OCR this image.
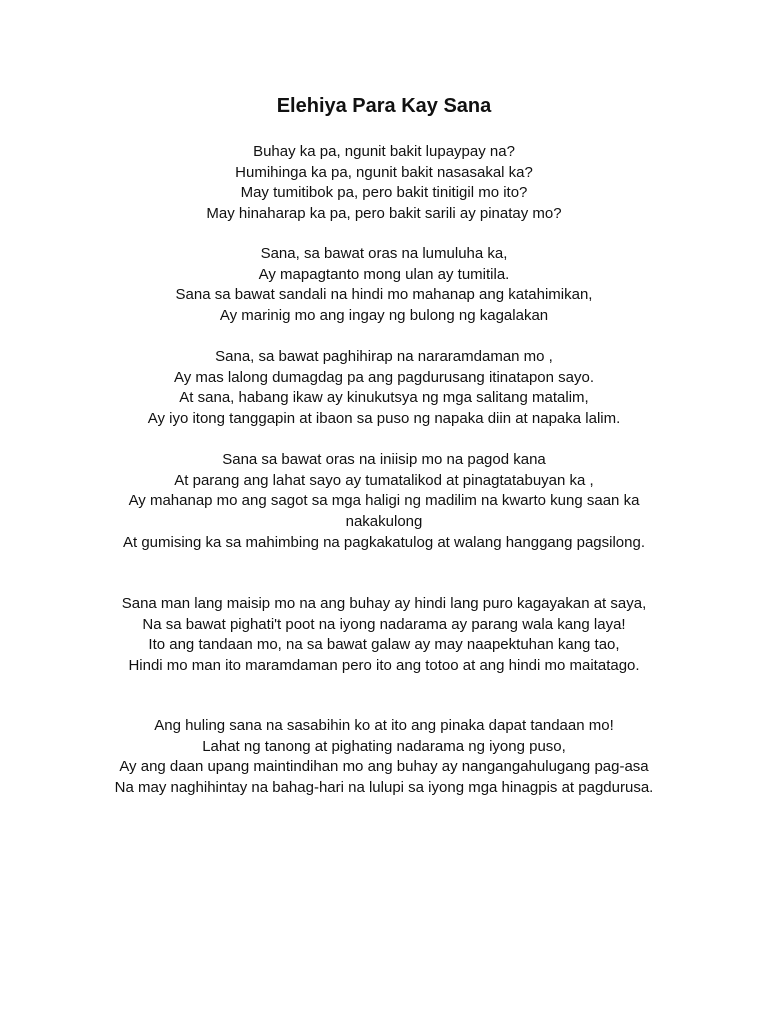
Elehiya Para Kay Sana
Buhay ka pa, ngunit bakit lupaypay na?
Humihinga ka pa, ngunit bakit nasasakal ka?
May tumitibok pa, pero bakit tinitigil mo ito?
May hinaharap ka pa, pero bakit sarili ay pinatay mo?
Sana, sa bawat oras na lumuluha ka,
Ay mapagtanto mong ulan ay tumitila.
Sana sa bawat sandali na hindi mo mahanap ang katahimikan,
Ay marinig mo ang ingay ng bulong ng kagalakan
Sana, sa bawat paghihirap na nararamdaman mo ,
Ay mas lalong dumagdag pa ang pagdurusang itinatapon sayo.
At sana, habang ikaw ay kinukutsya ng mga salitang matalim,
Ay iyo itong tanggapin at ibaon sa puso ng napaka diin at napaka lalim.
Sana sa bawat oras na iniisip mo na pagod kana
At parang ang lahat sayo ay tumatalikod at pinagtatabuyan ka ,
Ay mahanap mo ang sagot sa mga haligi ng madilim na kwarto kung saan ka
nakakulong
At gumising ka sa mahimbing na pagkakatulog at walang hanggang pagsilong.
Sana man lang maisip mo na ang buhay ay hindi lang puro kagayakan at saya,
Na sa bawat pighati't poot na iyong nadarama ay parang wala kang laya!
Ito ang tandaan mo, na sa bawat galaw ay may naapektuhan kang tao,
Hindi mo man ito maramdaman pero ito ang totoo at ang hindi mo maitatago.
Ang huling sana na sasabihin ko at ito ang pinaka dapat tandaan mo!
Lahat ng tanong at pighating nadarama ng iyong puso,
Ay ang daan upang maintindihan mo ang buhay ay nangangahulugang pag-asa
Na may naghihintay na bahag-hari na lulupi sa iyong mga hinagpis at pagdurusa.
